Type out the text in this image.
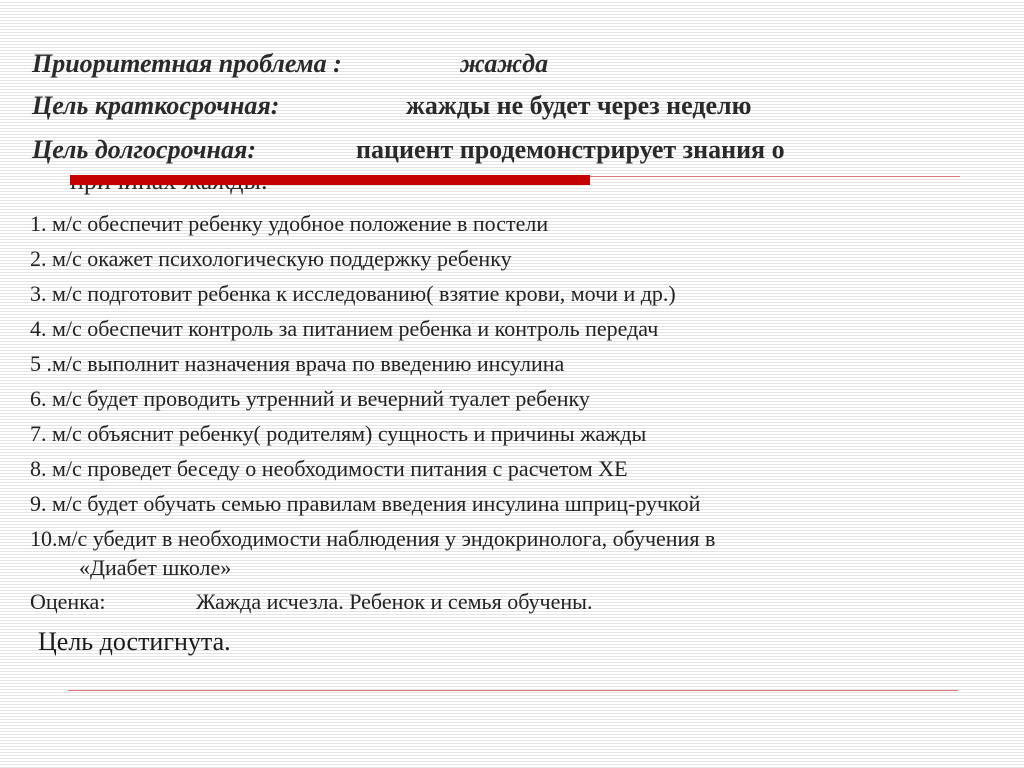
Приоритетная проблема :	жажда
Цель краткосрочная:	жажды не будет через неделю
Цель долгосрочная:	пациент продемонстрирует знания о
1. м/с обеспечит ребенку удобное положение в постели
2. м/с окажет психологическую поддержку ребенку
3. м/с подготовит ребенка к исследованию( взятие крови, мочи и др.)
4. м/с обеспечит контроль за питанием ребенка и контроль передач
5 .м/с выполнит назначения врача по введению инсулина
6. м/с будет проводить утренний и вечерний туалет ребенку
7. м/с объяснит ребенку( родителям) сущность и причины жажды
8. м/с проведет беседу о необходимости питания с расчетом ХЕ
9. м/с будет обучать семью правилам введения инсулина шприц-ручкой
10.м/с убедит в необходимости наблюдения у эндокринолога, обучения в
«Диабет школе»
Оценка:	Жажда исчезла. Ребенок и семья обучены.
Цель достигнута.
